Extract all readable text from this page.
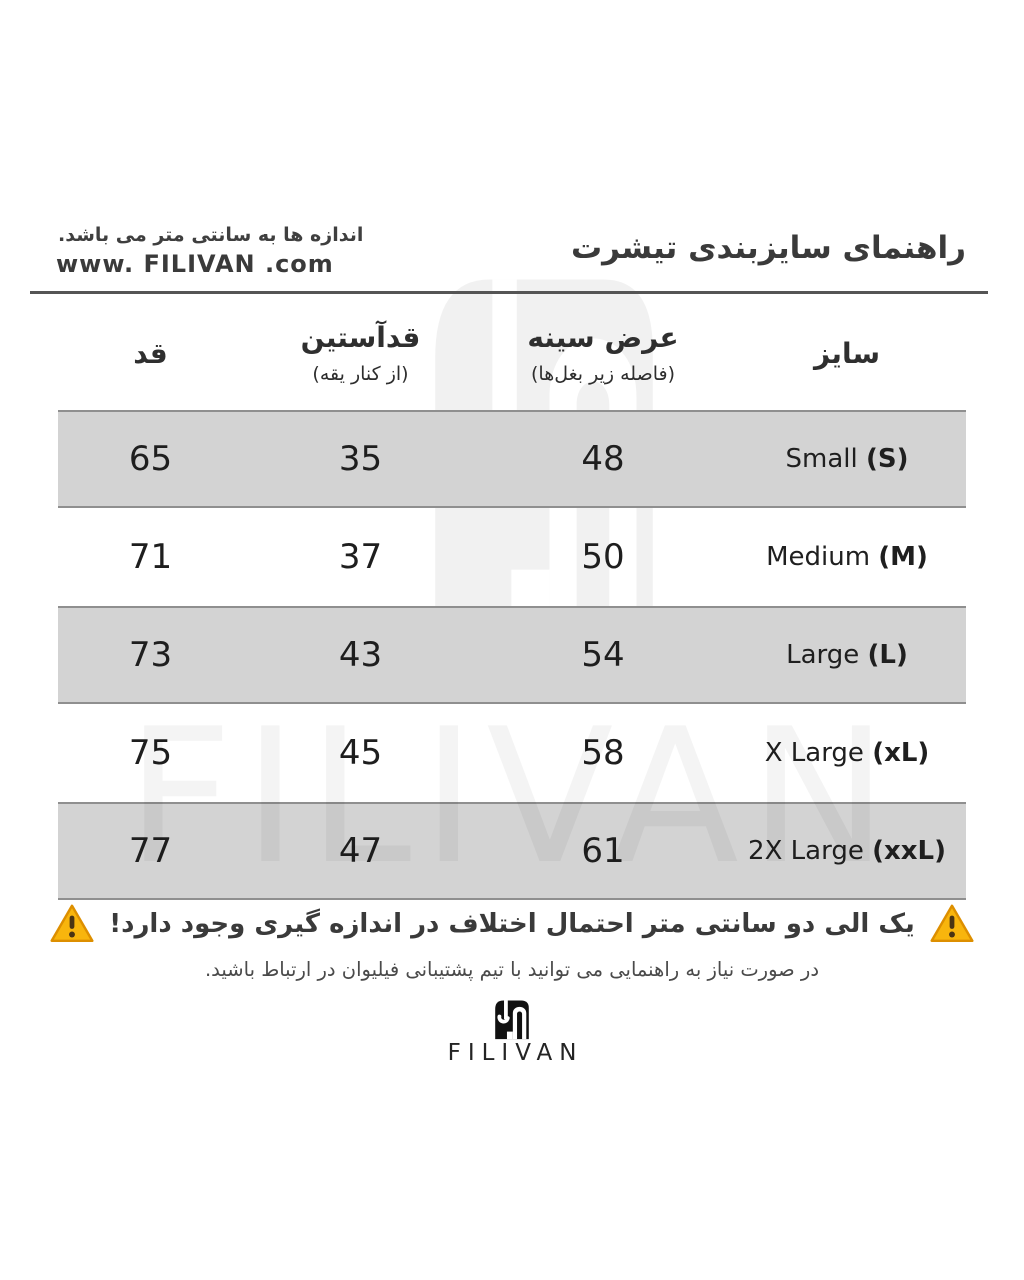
اندازه ها به سانتی متر می باشد.
www. FILIVAN .com	راهنمای سایزبندی تیشرت
سایز
عرض سینه
(فاصله زیر بغل‌ها)
قدآستین
(از کنار یقه)
قد
Small (S)
48
35
65
Medium (M)
50
37
71
Large (L)
54
43
73
X Large (xL)
58
45
75
2X Large (xxL)
61
47
77
یک الی دو سانتی متر احتمال اختلاف در اندازه گیری وجود دارد!
در صورت نیاز به راهنمایی می توانید با تیم پشتیبانی فیلیوان در ارتباط باشید.
FILIVAN
